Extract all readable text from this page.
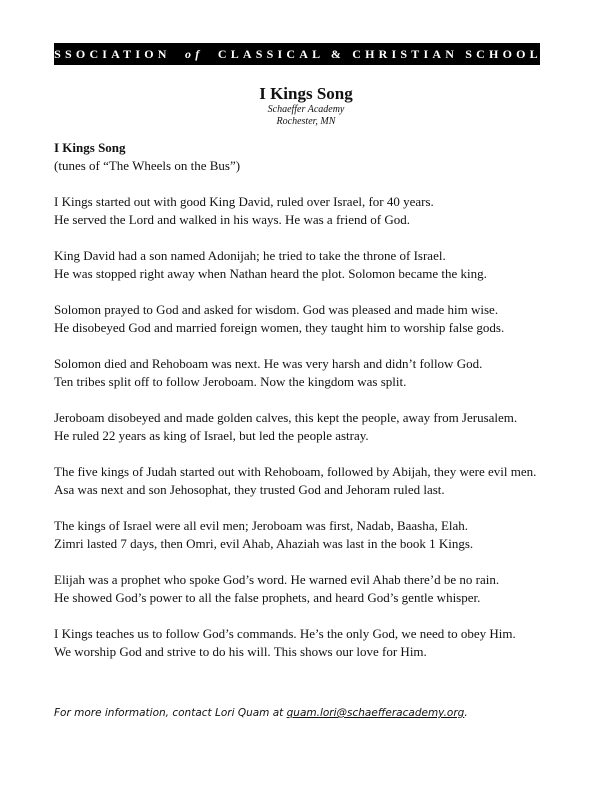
ASSOCIATION
of
CLASSICAL & CHRISTIAN SCHOOLS
I Kings Song
Schaeffer Academy
Rochester, MN
I Kings Song
(tunes of “The Wheels on the Bus”)
I Kings started out with good King David, ruled over Israel, for 40 years.
He served the Lord and walked in his ways. He was a friend of God.
King David had a son named Adonijah; he tried to take the throne of Israel.
He was stopped right away when Nathan heard the plot. Solomon became the king.
Solomon prayed to God and asked for wisdom. God was pleased and made him wise.
He disobeyed God and married foreign women, they taught him to worship false gods.
Solomon died and Rehoboam was next. He was very harsh and didn’t follow God.
Ten tribes split off to follow Jeroboam. Now the kingdom was split.
Jeroboam disobeyed and made golden calves, this kept the people, away from Jerusalem.
He ruled 22 years as king of Israel, but led the people astray.
The five kings of Judah started out with Rehoboam, followed by Abijah, they were evil men.
Asa was next and son Jehosophat, they trusted God and Jehoram ruled last.
The kings of Israel were all evil men; Jeroboam was first, Nadab, Baasha, Elah.
Zimri lasted 7 days, then Omri, evil Ahab, Ahaziah was last in the book 1 Kings.
Elijah was a prophet who spoke God’s word. He warned evil Ahab there’d be no rain.
He showed God’s power to all the false prophets, and heard God’s gentle whisper.
I Kings teaches us to follow God’s commands. He’s the only God, we need to obey Him.
We worship God and strive to do his will. This shows our love for Him.
For more information, contact Lori Quam at quam.lori@schaefferacademy.org.
